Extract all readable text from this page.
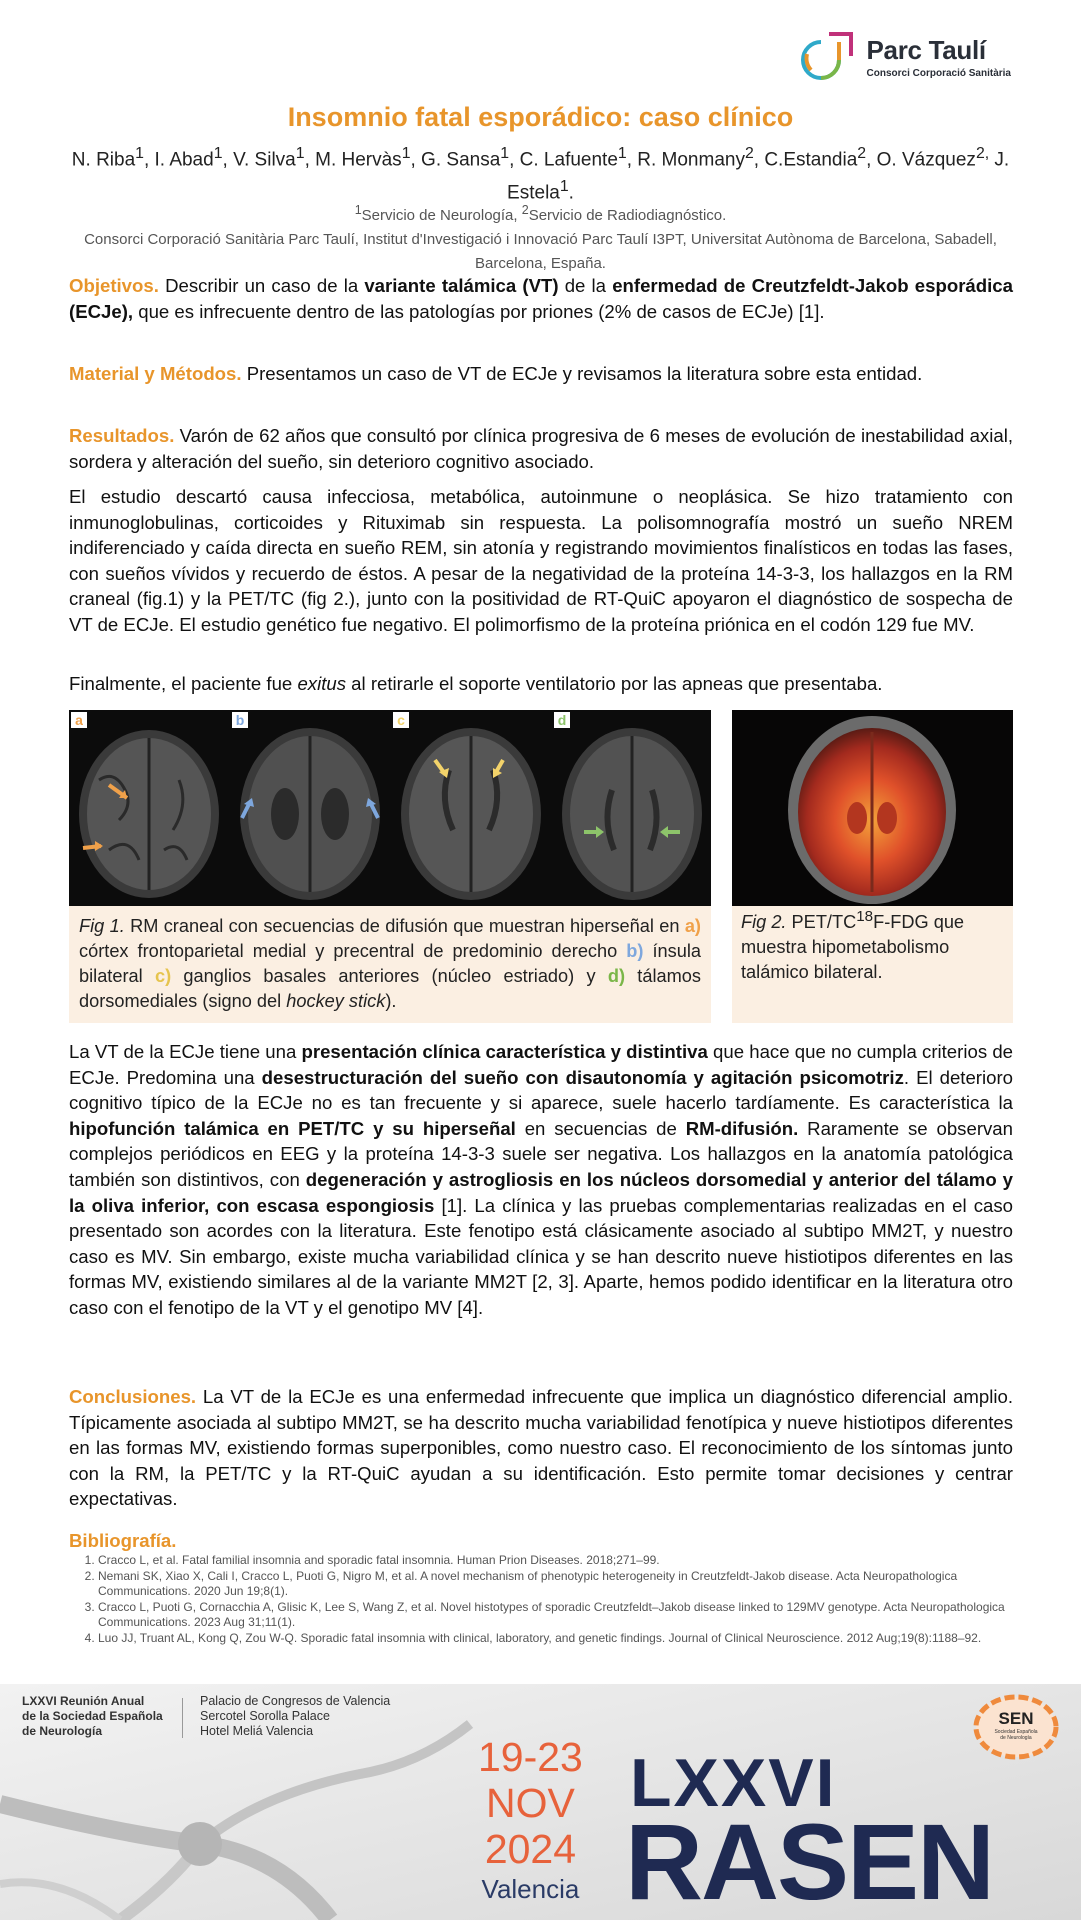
Parc Taulí
Consorci Corporació Sanitària
Insomnio fatal esporádico: caso clínico
N. Riba$^1$, I. Abad$^1$, V. Silva$^1$, M. Hervàs$^1$, G. Sansa$^1$, C. Lafuente$^1$, R. Monmany$^2$, C.Estandia$^2$, O. Vázquez$^{2,}$ J. Estela$^1$.
$^1$Servicio de Neurología, $^2$Servicio de Radiodiagnóstico.
Consorci Corporació Sanitària Parc Taulí, Institut d'Investigació i Innovació Parc Taulí I3PT, Universitat Autònoma de Barcelona, Sabadell, Barcelona, España.
Objetivos. Describir un caso de la variante talámica (VT) de la enfermedad de Creutzfeldt-Jakob esporádica (ECJe), que es infrecuente dentro de las patologías por priones (2% de casos de ECJe) [1].
Material y Métodos. Presentamos un caso de VT de ECJe y revisamos la literatura sobre esta entidad.
Resultados. Varón de 62 años que consultó por clínica progresiva de 6 meses de evolución de inestabilidad axial, sordera y alteración del sueño, sin deterioro cognitivo asociado.
El estudio descartó causa infecciosa, metabólica, autoinmune o neoplásica. Se hizo tratamiento con inmunoglobulinas, corticoides y Rituximab sin respuesta. La polisomnografía mostró un sueño NREM indiferenciado y caída directa en sueño REM, sin atonía y registrando movimientos finalísticos en todas las fases, con sueños vívidos y recuerdo de éstos. A pesar de la negatividad de la proteína 14-3-3, los hallazgos en la RM craneal (fig.1) y la PET/TC (fig 2.), junto con la positividad de RT-QuiC apoyaron el diagnóstico de sospecha de VT de ECJe. El estudio genético fue negativo. El polimorfismo de la proteína priónica en el codón 129 fue MV.
Finalmente, el paciente fue exitus al retirarle el soporte ventilatorio por las apneas que presentaba.
a	b	c	d
Fig 1. RM craneal con secuencias de difusión que muestran hiperseñal en a) córtex frontoparietal medial y precentral de predominio derecho b) ínsula bilateral c) ganglios basales anteriores (núcleo estriado) y d) tálamos dorsomediales (signo del hockey stick).
Fig 2. PET/TC$^{18}$F-FDG que muestra hipometabolismo talámico bilateral.
La VT de la ECJe tiene una presentación clínica característica y distintiva que hace que no cumpla criterios de ECJe. Predomina una desestructuración del sueño con disautonomía y agitación psicomotriz. El deterioro cognitivo típico de la ECJe no es tan frecuente y si aparece, suele hacerlo tardíamente. Es característica la hipofunción talámica en PET/TC y su hiperseñal en secuencias de RM-difusión. Raramente se observan complejos periódicos en EEG y la proteína 14-3-3 suele ser negativa. Los hallazgos en la anatomía patológica también son distintivos, con degeneración y astrogliosis en los núcleos dorsomedial y anterior del tálamo y la oliva inferior, con escasa espongiosis [1]. La clínica y las pruebas complementarias realizadas en el caso presentado son acordes con la literatura. Este fenotipo está clásicamente asociado al subtipo MM2T, y nuestro caso es MV. Sin embargo, existe mucha variabilidad clínica y se han descrito nueve histiotipos diferentes en las formas MV, existiendo similares al de la variante MM2T [2, 3]. Aparte, hemos podido identificar en la literatura otro caso con el fenotipo de la VT y el genotipo MV [4].
Conclusiones. La VT de la ECJe es una enfermedad infrecuente que implica un diagnóstico diferencial amplio. Típicamente asociada al subtipo MM2T, se ha descrito mucha variabilidad fenotípica y nueve histiotipos diferentes en las formas MV, existiendo formas superponibles, como nuestro caso. El reconocimiento de los síntomas junto con la RM, la PET/TC y la RT-QuiC ayudan a su identificación. Esto permite tomar decisiones y centrar expectativas.
Bibliografía.
1. Cracco L, et al. Fatal familial insomnia and sporadic fatal insomnia. Human Prion Diseases. 2018;271–99.
2. Nemani SK, Xiao X, Cali I, Cracco L, Puoti G, Nigro M, et al. A novel mechanism of phenotypic heterogeneity in Creutzfeldt-Jakob disease. Acta Neuropathologica Communications. 2020 Jun 19;8(1).
3. Cracco L, Puoti G, Cornacchia A, Glisic K, Lee S, Wang Z, et al. Novel histotypes of sporadic Creutzfeldt–Jakob disease linked to 129MV genotype. Acta Neuropathologica Communications. 2023 Aug 31;11(1).
4. Luo JJ, Truant AL, Kong Q, Zou W-Q. Sporadic fatal insomnia with clinical, laboratory, and genetic findings. Journal of Clinical Neuroscience. 2012 Aug;19(8):1188–92.
LXXVI Reunión Anual
de la Sociedad Española
de Neurología
Palacio de Congresos de Valencia
Sercotel Sorolla Palace
Hotel Meliá Valencia
19-23
NOV
2024
Valencia
LXXVI
RASEN
SEN
Sociedad Española
de Neurología
